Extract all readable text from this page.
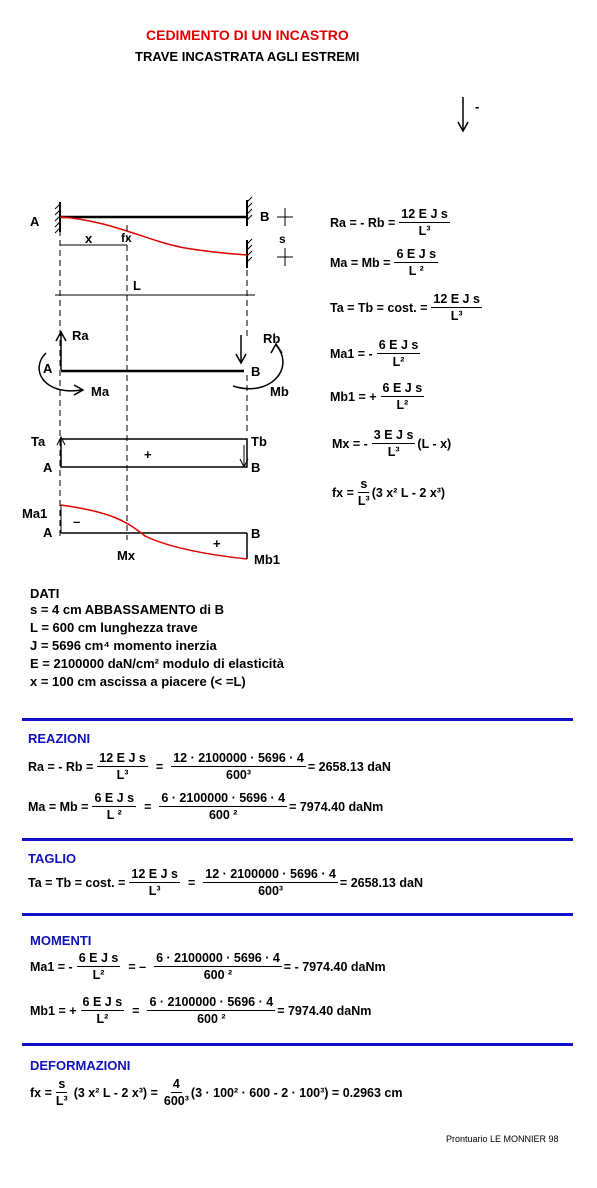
CEDIMENTO DI UN INCASTRO
TRAVE INCASTRATA AGLI ESTREMI
-
A	B
x fx	s
L
Ra	Rb
A	B
Ma	Mb
Ta	Tb
A	B
+
Ma1
A	B
–
+
Mx	Mb1
Ra = - $Rb = \frac{\text{12 E J s}}{\text{L³}}$
$Ma = Mb = \frac{\text{6 E J s}}{\text{L ²}}$
Ta = Tb = cost. = $\frac{\text{12 E J s}}{\text{L³}}$
Ma1 = - $\frac{\text{6 E J s}}{\text{L²}}$
Mb1 = + $\frac{\text{6 E J s}}{\text{L²}}$
Mx = - $\frac{\text{3 E J s}}{\text{L³}} (L - x)$
fx = $\frac{s}{\text{L³}} (3$ x² L - 2 x³)
DATI
s = 4 cm ABBASSAMENTO di B
L = 600 cm lunghezza trave
J = 5696 cm⁴ momento inerzia
E = 2100000 daN/cm² modulo di elasticità
x = 100 cm ascissa a piacere (< =L)
REAZIONI
Ra = - $Rb = \frac{\text{12 E J s}}{\text{L³}} = \frac{12 \cdot 2100000 \cdot 5696 \cdot 4}{\text{600³}} = 2658.13$ daN
$Ma = Mb = \frac{\text{6 E J s}}{\text{L ²}} = \frac{6 \cdot 2100000 \cdot 5696 \cdot 4}{\text{600 ²}} = 7974.40$ daNm
TAGLIO
Ta = Tb = cost. = $\frac{\text{12 E J s}}{\text{L³}} = \frac{12 \cdot 2100000 \cdot 5696 \cdot 4}{\text{600³}} = 2658.13$ daN
MOMENTI
Ma1 = - $\frac{\text{6 E J s}}{\text{L²}}$ = – $\frac{6 \cdot 2100000 \cdot 5696 \cdot 4}{\text{600 ²}}$ = - 7974.40 daNm
Mb1 = + $\frac{\text{6 E J s}}{\text{L²}} = \frac{6 \cdot 2100000 \cdot 5696 \cdot 4}{\text{600 ²}} = 7974.40$ daNm
DEFORMAZIONI
fx = $\frac{s}{\text{L³}} (3$ x² L - 2 $x^3) = \frac{4}{\text{600³}} (3 \cdot 100^2 \cdot 600 - 2 \cdot 100^3) = 0.2963$ cm
Prontuario LE MONNIER 98
